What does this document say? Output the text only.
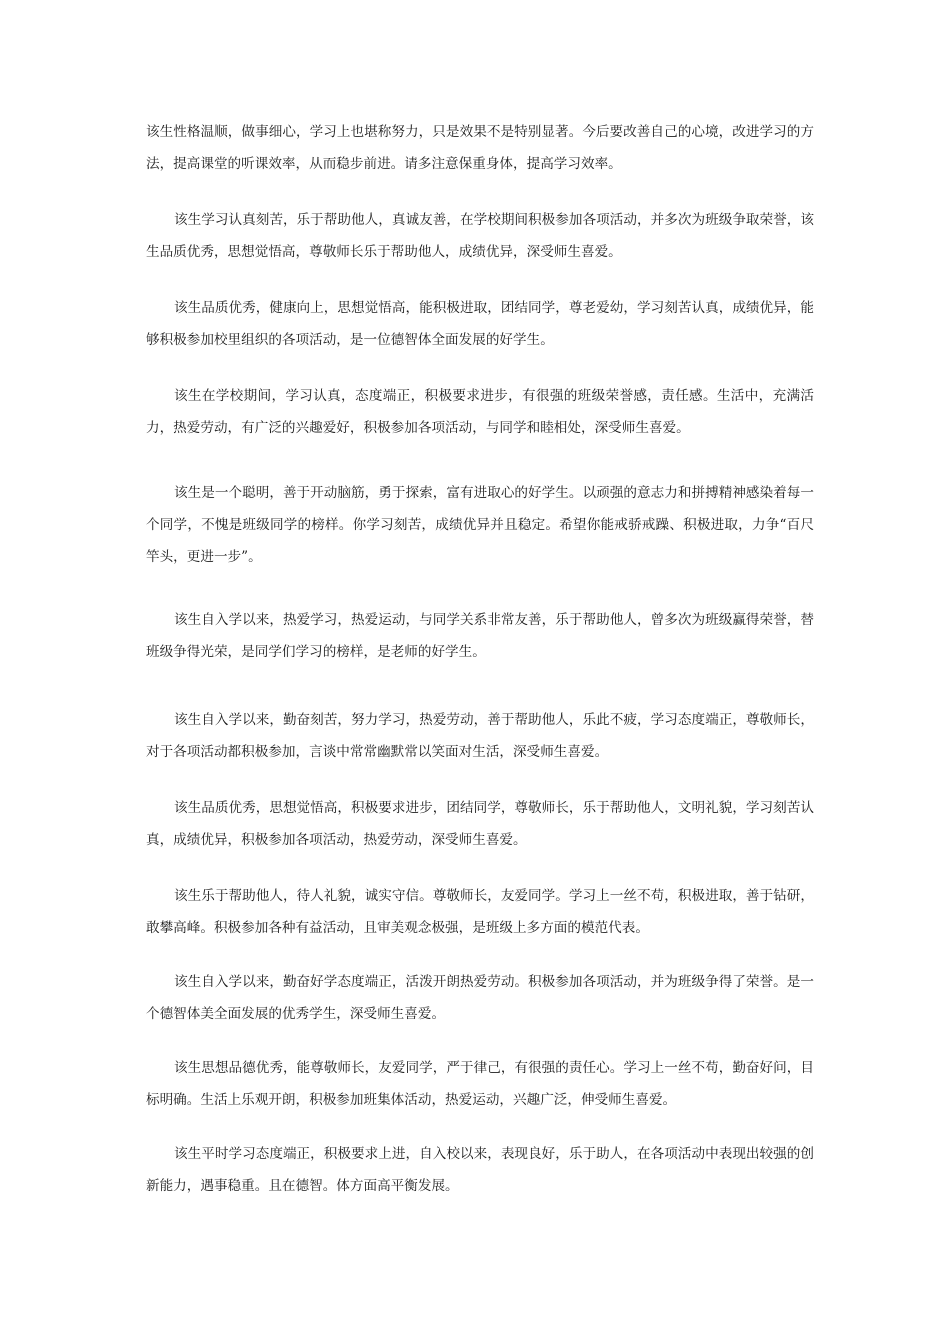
该生性格温顺，做事细心，学习上也堪称努力，只是效果不是特别显著。今后要改善自己的心境，改进学习的方法，提高课堂的听课效率，从而稳步前进。请多注意保重身体，提高学习效率。

该生学习认真刻苦，乐于帮助他人，真诚友善，在学校期间积极参加各项活动，并多次为班级争取荣誉，该生品质优秀，思想觉悟高，尊敬师长乐于帮助他人，成绩优异，深受师生喜爱。

该生品质优秀，健康向上，思想觉悟高，能积极进取，团结同学，尊老爱幼，学习刻苦认真，成绩优异，能够积极参加校里组织的各项活动，是一位德智体全面发展的好学生。

该生在学校期间，学习认真，态度端正，积极要求进步，有很强的班级荣誉感，责任感。生活中，充满活力，热爱劳动，有广泛的兴趣爱好，积极参加各项活动，与同学和睦相处，深受师生喜爱。

该生是一个聪明，善于开动脑筋，勇于探索，富有进取心的好学生。以顽强的意志力和拼搏精神感染着每一个同学，不愧是班级同学的榜样。你学习刻苦，成绩优异并且稳定。希望你能戒骄戒躁、积极进取，力争“百尺竿头，更进一步”。

该生自入学以来，热爱学习，热爱运动，与同学关系非常友善，乐于帮助他人，曾多次为班级赢得荣誉，替班级争得光荣，是同学们学习的榜样，是老师的好学生。

该生自入学以来，勤奋刻苦，努力学习，热爱劳动，善于帮助他人，乐此不疲，学习态度端正，尊敬师长，对于各项活动都积极参加，言谈中常常幽默常以笑面对生活，深受师生喜爱。

该生品质优秀，思想觉悟高，积极要求进步，团结同学，尊敬师长，乐于帮助他人，文明礼貌，学习刻苦认真，成绩优异，积极参加各项活动，热爱劳动，深受师生喜爱。

该生乐于帮助他人，待人礼貌，诚实守信。尊敬师长，友爱同学。学习上一丝不苟，积极进取，善于钻研，敢攀高峰。积极参加各种有益活动，且审美观念极强，是班级上多方面的模范代表。

该生自入学以来，勤奋好学态度端正，活泼开朗热爱劳动。积极参加各项活动，并为班级争得了荣誉。是一个德智体美全面发展的优秀学生，深受师生喜爱。

该生思想品德优秀，能尊敬师长，友爱同学，严于律己，有很强的责任心。学习上一丝不苟，勤奋好问，目标明确。生活上乐观开朗，积极参加班集体活动，热爱运动，兴趣广泛，伸受师生喜爱。

该生平时学习态度端正，积极要求上进，自入校以来，表现良好，乐于助人，在各项活动中表现出较强的创新能力，遇事稳重。且在德智。体方面高平衡发展。
